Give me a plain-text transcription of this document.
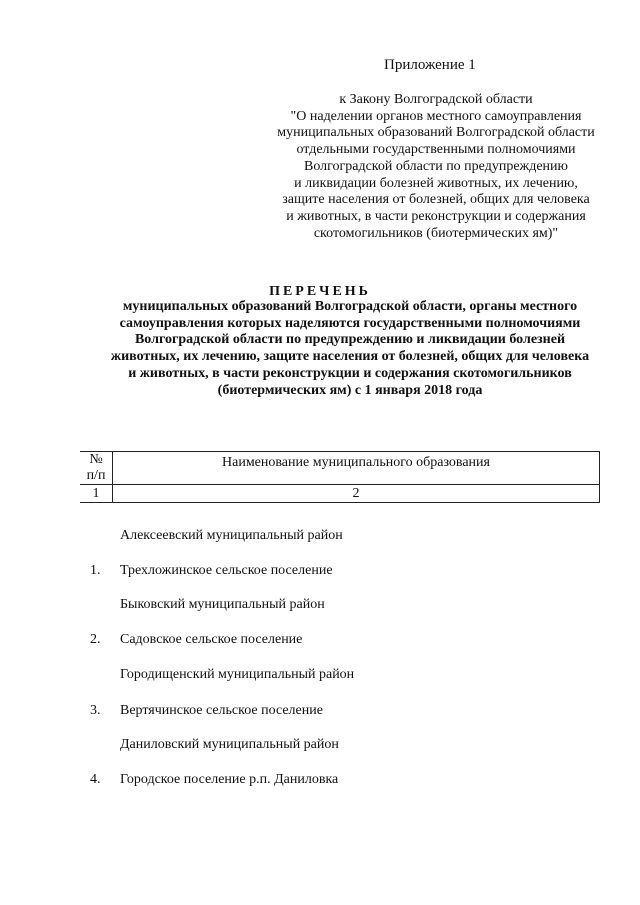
Приложение 1
к Закону Волгоградской области
"О наделении органов местного самоуправления
муниципальных образований Волгоградской области
отдельными государственными полномочиями
Волгоградской области по предупреждению
и ликвидации болезней животных, их лечению,
защите населения от болезней, общих для человека
и животных, в части реконструкции и содержания
скотомогильников (биотермических ям)"
ПЕРЕЧЕНЬ
муниципальных образований Волгоградской области, органы местного
самоуправления которых наделяются государственными полномочиями
Волгоградской области по предупреждению и ликвидации болезней
животных, их лечению, защите населения от болезней, общих для человека
и животных, в части реконструкции и содержания скотомогильников
(биотермических ям) с 1 января 2018 года
№
п/п	Наименование муниципального образования
1	2
Алексеевский муниципальный район
1. Трехложинское сельское поселение
Быковский муниципальный район
2. Садовское сельское поселение
Городищенский муниципальный район
3. Вертячинское сельское поселение
Даниловский муниципальный район
4. Городское поселение р.п. Даниловка
